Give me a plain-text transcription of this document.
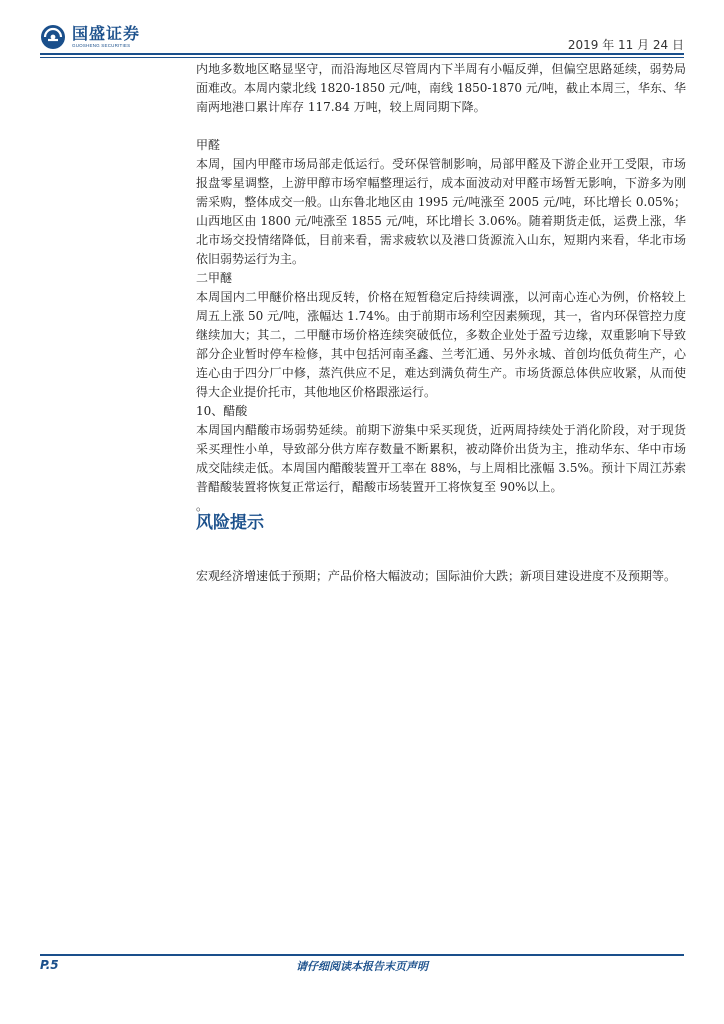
国盛证券
GUOSHENG SECURITIES	2019 年 11 月 24 日

内地多数地区略显坚守，而沿海地区尽管周内下半周有小幅反弹，但偏空思路延续，弱势局面难改。本周内蒙北线 1820-1850 元/吨，南线 1850-1870 元/吨，截止本周三，华东、华南两地港口累计库存 117.84 万吨，较上周同期下降。

甲醛

本周，国内甲醛市场局部走低运行。受环保管制影响，局部甲醛及下游企业开工受限，市场报盘零星调整，上游甲醇市场窄幅整理运行，成本面波动对甲醛市场暂无影响，下游多为刚需采购，整体成交一般。山东鲁北地区由 1995 元/吨涨至 2005 元/吨，环比增长 0.05%；山西地区由 1800 元/吨涨至 1855 元/吨，环比增长 3.06%。随着期货走低，运费上涨，华北市场交投情绪降低，目前来看，需求疲软以及港口货源流入山东，短期内来看，华北市场依旧弱势运行为主。

二甲醚

本周国内二甲醚价格出现反转，价格在短暂稳定后持续调涨，以河南心连心为例，价格较上周五上涨 50 元/吨，涨幅达 1.74%。由于前期市场利空因素频现，其一，省内环保管控力度继续加大；其二，二甲醚市场价格连续突破低位，多数企业处于盈亏边缘，双重影响下导致部分企业暂时停车检修，其中包括河南圣鑫、兰考汇通、另外永城、首创均低负荷生产，心连心由于四分厂中修，蒸汽供应不足，难达到满负荷生产。市场货源总体供应收紧，从而使得大企业提价托市，其他地区价格跟涨运行。

10、醋酸

本周国内醋酸市场弱势延续。前期下游集中采买现货，近两周持续处于消化阶段，对于现货采买理性小单，导致部分供方库存数量不断累积，被动降价出货为主，推动华东、华中市场成交陆续走低。本周国内醋酸装置开工率在 88%，与上周相比涨幅 3.5%。预计下周江苏索普醋酸装置将恢复正常运行，醋酸市场装置开工将恢复至 90%以上。

。

风险提示
宏观经济增速低于预期；产品价格大幅波动；国际油价大跌；新项目建设进度不及预期等。
P.5	请仔细阅读本报告末页声明
